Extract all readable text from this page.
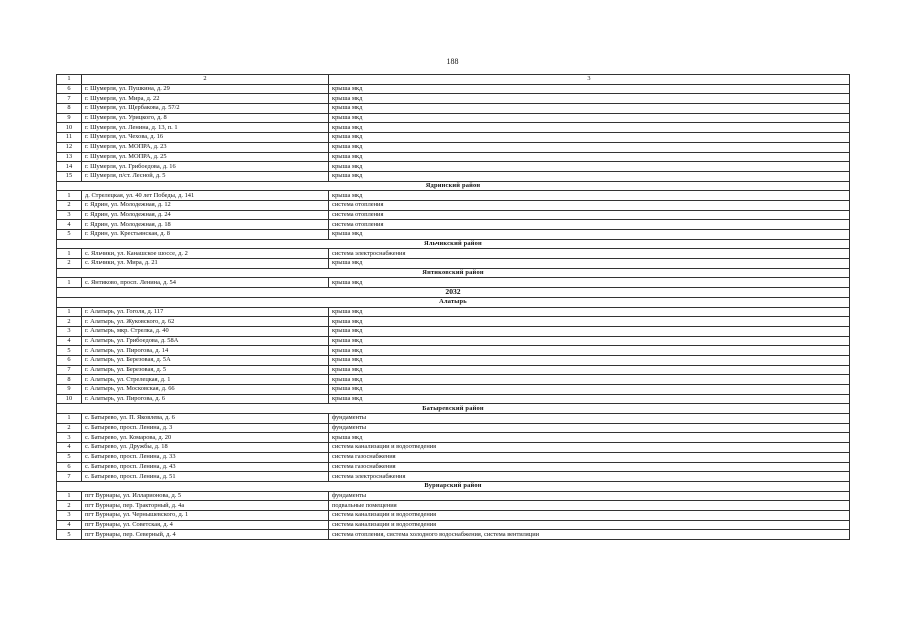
188
1	2	3
6	г. Шумерля, ул. Пушкина, д. 29	крыша мкд
7	г. Шумерля, ул. Мира, д. 22	крыша мкд
8	г. Шумерля, ул. Щербакова, д. 57/2	крыша мкд
9	г. Шумерля, ул. Урицкого, д. 8	крыша мкд
10	г. Шумерля, ул. Ленина, д. 13, п. 1	крыша мкд
11	г. Шумерля, ул. Чехова, д. 16	крыша мкд
12	г. Шумерля, ул. МОПРА, д. 23	крыша мкд
13	г. Шумерля, ул. МОПРА, д. 25	крыша мкд
14	г. Шумерля, ул. Грибоедова, д. 16	крыша мкд
15	г. Шумерля, п/ст. Лесной, д. 5	крыша мкд
Ядринский район		
1	д. Стрелецкая, ул. 40 лет Победы, д. 141	крыша мкд
2	г. Ядрин, ул. Молодежная, д. 12	система отопления
3	г. Ядрин, ул. Молодежная, д. 24	система отопления
4	г. Ядрин, ул. Молодежная, д. 18	система отопления
5	г. Ядрин, ул. Крестьянская, д. 8	крыша мкд
Яльчикский район		
1	с. Яльчики, ул. Канашское шоссе, д. 2	система электроснабжения
2	с. Яльчики, ул. Мира, д. 21	крыша мкд
Янтиковский район		
1	с. Янтиково, просп. Ленина, д. 54	крыша мкд
2032		
Алатырь		
1	г. Алатырь, ул. Гоголя, д. 117	крыша мкд
2	г. Алатырь, ул. Жуковского, д. 62	крыша мкд
3	г. Алатырь, мкр. Стрелка, д. 40	крыша мкд
4	г. Алатырь, ул. Грибоедова, д. 58А	крыша мкд
5	г. Алатырь, ул. Пирогова, д. 14	крыша мкд
6	г. Алатырь, ул. Березовая, д. 5А	крыша мкд
7	г. Алатырь, ул. Березовая, д. 5	крыша мкд
8	г. Алатырь, ул. Стрелецкая, д. 1	крыша мкд
9	г. Алатырь, ул. Московская, д. 66	крыша мкд
10	г. Алатырь, ул. Пирогова, д. 6	крыша мкд
Батыревский район		
1	с. Батырево, ул. П. Яковлева, д. 6	фундаменты
2	с. Батырево, просп. Ленина, д. 3	фундаменты
3	с. Батырево, ул. Комарова, д. 20	крыша мкд
4	с. Батырево, ул. Дружбы, д. 18	система канализации и водоотведения
5	с. Батырево, просп. Ленина, д. 33	система газоснабжения
6	с. Батырево, просп. Ленина, д. 43	система газоснабжения
7	с. Батырево, просп. Ленина, д. 51	система электроснабжения
Вурнарский район		
1	пгт Вурнары, ул. Илларионова, д. 5	фундаменты
2	пгт Вурнары, пер. Тракторный, д. 4а	подвальные помещения
3	пгт Вурнары, ул. Чернышевского, д. 1	система канализации и водоотведения
4	пгт Вурнары, ул. Советская, д. 4	система канализации и водоотведения
5	пгт Вурнары, пер. Северный, д. 4	система отопления, система холодного водоснабжения, система вентиляции
